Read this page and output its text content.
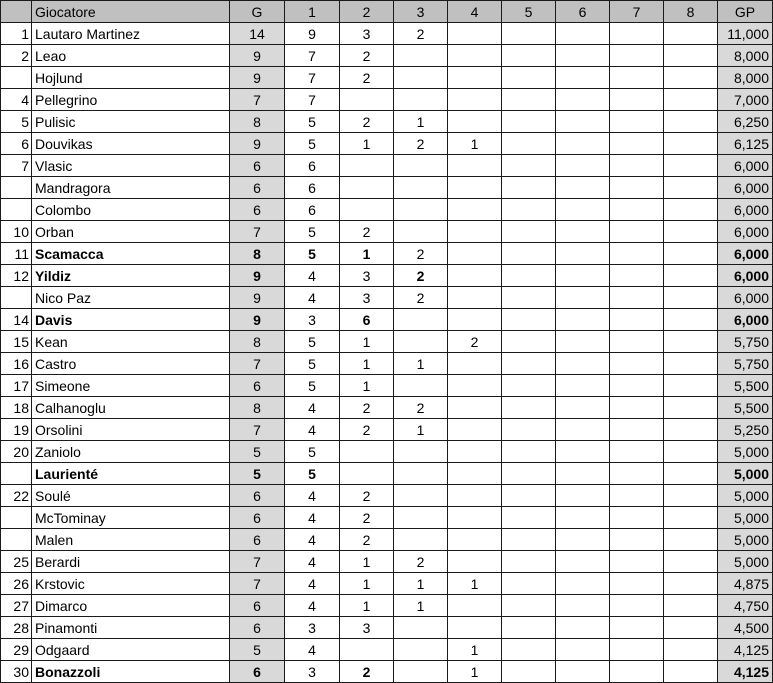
	Giocatore	G	1	2	3	4	5	6	7	8	GP
1	Lautaro Martinez	14	9	3	2						11,000
2	Leao	9	7	2							8,000
	Hojlund	9	7	2							8,000
4	Pellegrino	7	7								7,000
5	Pulisic	8	5	2	1						6,250
6	Douvikas	9	5	1	2	1					6,125
7	Vlasic	6	6								6,000
	Mandragora	6	6								6,000
	Colombo	6	6								6,000
10	Orban	7	5	2							6,000
11	Scamacca	8	5	1	2						6,000
12	Yildiz	9	4	3	2						6,000
	Nico Paz	9	4	3	2						6,000
14	Davis	9	3	6							6,000
15	Kean	8	5	1		2					5,750
16	Castro	7	5	1	1						5,750
17	Simeone	6	5	1							5,500
18	Calhanoglu	8	4	2	2						5,500
19	Orsolini	7	4	2	1						5,250
20	Zaniolo	5	5								5,000
	Laurienté	5	5								5,000
22	Soulé	6	4	2							5,000
	McTominay	6	4	2							5,000
	Malen	6	4	2							5,000
25	Berardi	7	4	1	2						5,000
26	Krstovic	7	4	1	1	1					4,875
27	Dimarco	6	4	1	1						4,750
28	Pinamonti	6	3	3							4,500
29	Odgaard	5	4			1					4,125
30	Bonazzoli	6	3	2		1					4,125
